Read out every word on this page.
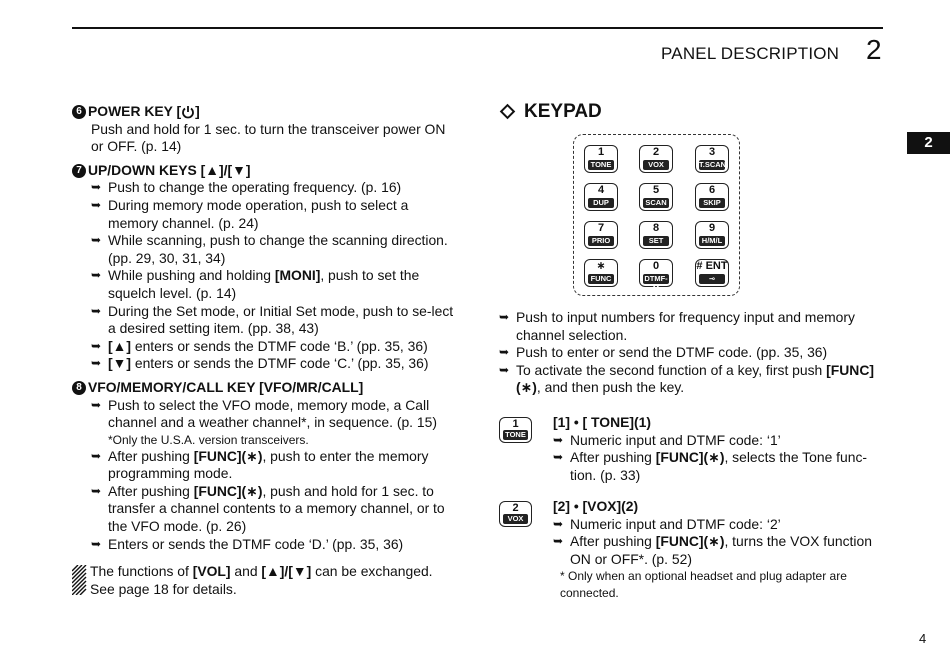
PANEL DESCRIPTION 2
2
4
6 POWER KEY [ ]
Push and hold for 1 sec. to turn the transceiver power ON or OFF. (p. 14)
7 UP/DOWN KEYS [▲]/[▼]
➥ Push to change the operating frequency. (p. 16)
➥ During memory mode operation, push to select a memory channel. (p. 24)
➥ While scanning, push to change the scanning direction. (pp. 29, 30, 31, 34)
➥ While pushing and holding [MONI], push to set the squelch level. (p. 14)
➥ During the Set mode, or Initial Set mode, push to se-lect a desired setting item. (pp. 38, 43)
➥ [▲] enters or sends the DTMF code ‘B.’ (pp. 35, 36)
➥ [▼] enters or sends the DTMF code ‘C.’ (pp. 35, 36)
8 VFO/MEMORY/CALL KEY [VFO/MR/CALL]
➥ Push to select the VFO mode, memory mode, a Call channel and a weather channel*, in sequence. (p. 15)
*Only the U.S.A. version transceivers.
➥ After pushing [FUNC](∗), push to enter the memory programming mode.
➥ After pushing [FUNC](∗), push and hold for 1 sec. to transfer a channel contents to a memory channel, or to the VFO mode. (p. 26)
➥ Enters or sends the DTMF code ‘D.’ (pp. 35, 36)
The functions of [VOL] and [▲]/[▼] can be exchanged. See page 18 for details.
KEYPAD
1
TONE
2
VOX
3
T.SCAN
4
DUP
5
SCAN
6
SKIP
7
PRIO
8
SET
9
H/M/L
∗
FUNC
0
DTMF-M
# ENT
⊸
➥ Push to input numbers for frequency input and memory channel selection.
➥ Push to enter or send the DTMF code. (pp. 35, 36)
➥ To activate the second function of a key, first push [FUNC](∗), and then push the key.
1
TONE
[1] • [ TONE](1)
➥ Numeric input and DTMF code: ‘1’
➥ After pushing [FUNC](∗), selects the Tone func-tion. (p. 33)
2
VOX
[2] • [VOX](2)
➥ Numeric input and DTMF code: ‘2’
➥ After pushing [FUNC](∗), turns the VOX function ON or OFF*. (p. 52)
* Only when an optional headset and plug adapter are connected.
